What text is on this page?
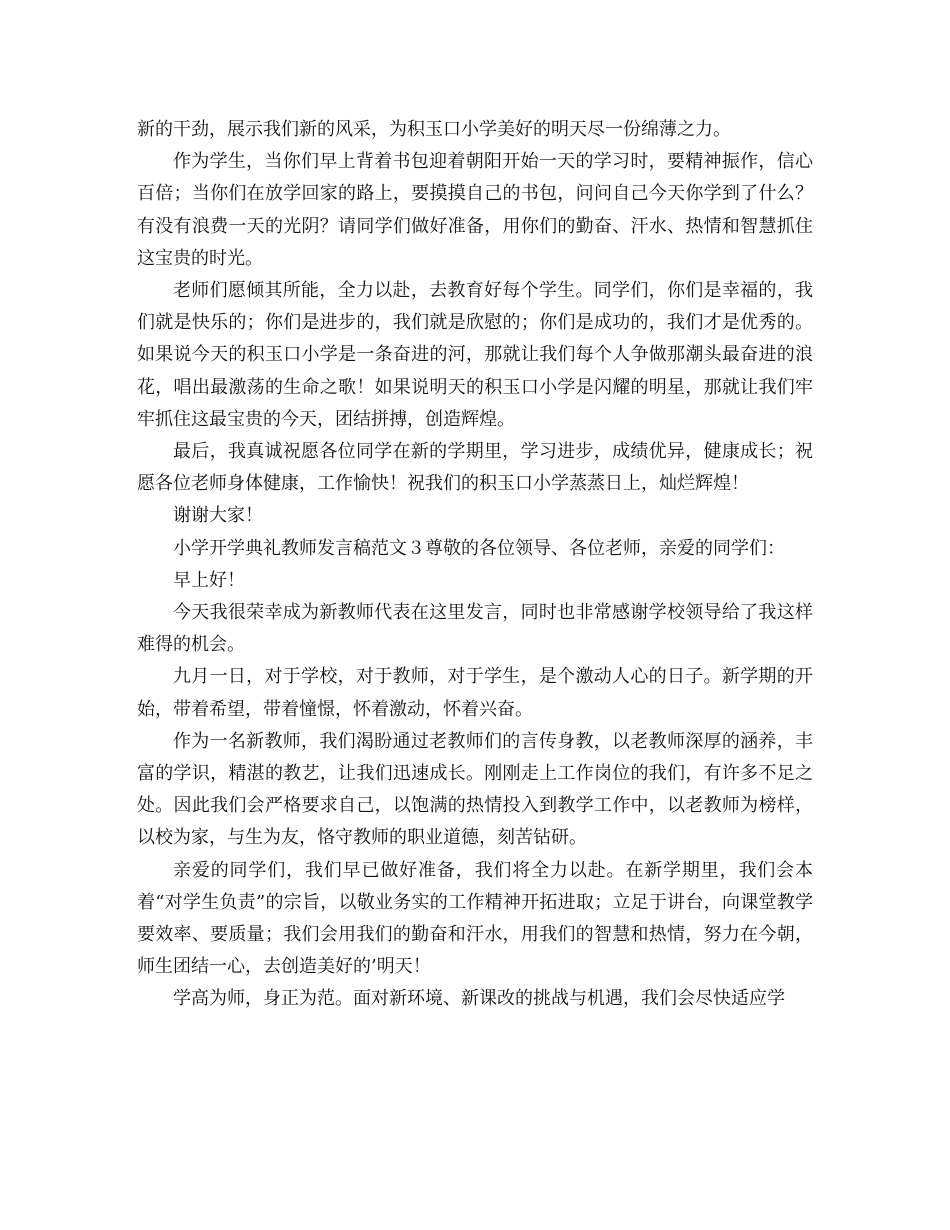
新的干劲，展示我们新的风采，为积玉口小学美好的明天尽一份绵薄之力。

作为学生，当你们早上背着书包迎着朝阳开始一天的学习时，要精神振作，信心百倍；当你们在放学回家的路上，要摸摸自己的书包，问问自己今天你学到了什么？有没有浪费一天的光阴？请同学们做好准备，用你们的勤奋、汗水、热情和智慧抓住这宝贵的时光。

老师们愿倾其所能，全力以赴，去教育好每个学生。同学们，你们是幸福的，我们就是快乐的；你们是进步的，我们就是欣慰的；你们是成功的，我们才是优秀的。如果说今天的积玉口小学是一条奋进的河，那就让我们每个人争做那潮头最奋进的浪花，唱出最激荡的生命之歌！如果说明天的积玉口小学是闪耀的明星，那就让我们牢牢抓住这最宝贵的今天，团结拼搏，创造辉煌。

最后，我真诚祝愿各位同学在新的学期里，学习进步，成绩优异，健康成长；祝愿各位老师身体健康，工作愉快！祝我们的积玉口小学蒸蒸日上，灿烂辉煌！

谢谢大家！

小学开学典礼教师发言稿范文３尊敬的各位领导、各位老师，亲爱的同学们：

早上好！

今天我很荣幸成为新教师代表在这里发言，同时也非常感谢学校领导给了我这样难得的机会。

九月一日，对于学校，对于教师，对于学生，是个激动人心的日子。新学期的开始，带着希望，带着憧憬，怀着激动，怀着兴奋。

作为一名新教师，我们渴盼通过老教师们的言传身教，以老教师深厚的涵养，丰富的学识，精湛的教艺，让我们迅速成长。刚刚走上工作岗位的我们，有许多不足之处。因此我们会严格要求自己，以饱满的热情投入到教学工作中，以老教师为榜样，以校为家，与生为友，恪守教师的职业道德，刻苦钻研。

亲爱的同学们，我们早已做好准备，我们将全力以赴。在新学期里，我们会本着“对学生负责”的宗旨，以敬业务实的工作精神开拓进取；立足于讲台，向课堂教学要效率、要质量；我们会用我们的勤奋和汗水，用我们的智慧和热情，努力在今朝，师生团结一心，去创造美好的’明天！

学高为师，身正为范。面对新环境、新课改的挑战与机遇，我们会尽快适应学
